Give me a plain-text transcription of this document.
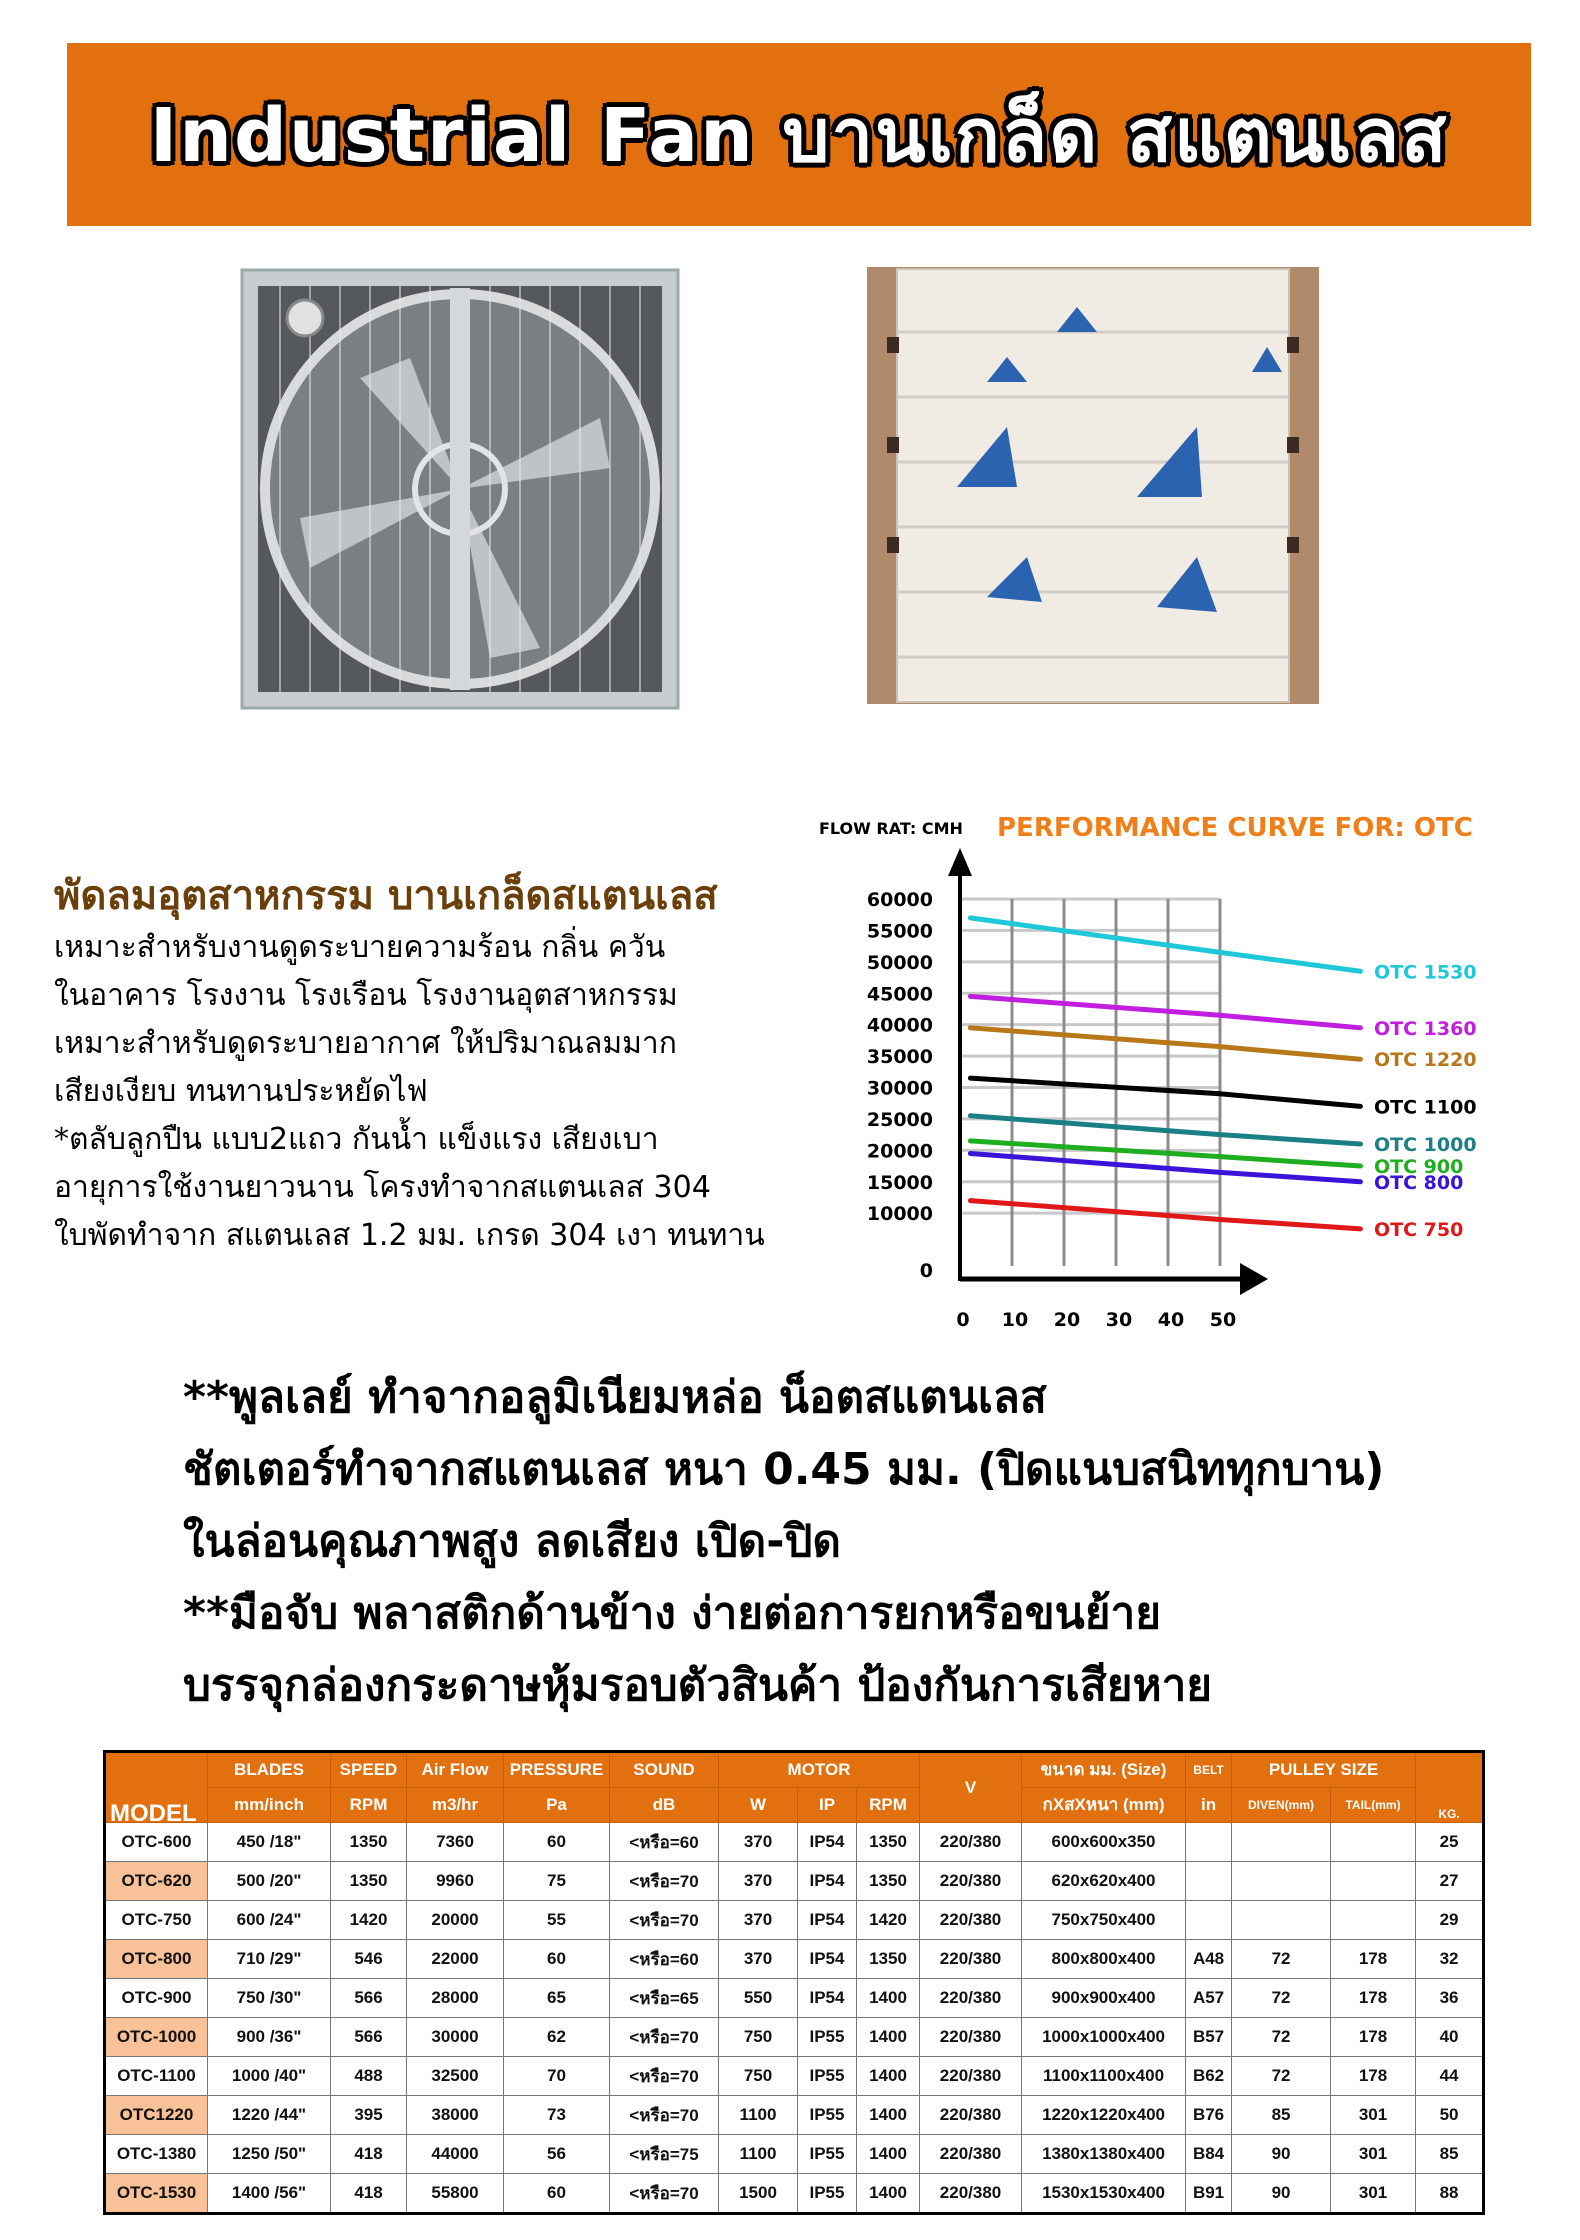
Industrial Fan บานเกล็ด สแตนเลส
พัดลมอุตสาหกรรม บานเกล็ดสแตนเลส
เหมาะสำหรับงานดูดระบายความร้อน กลิ่น ควัน
ในอาคาร โรงงาน โรงเรือน โรงงานอุตสาหกรรม
เหมาะสำหรับดูดระบายอากาศ ให้ปริมาณลมมาก
เสียงเงียบ ทนทานประหยัดไฟ
*ตลับลูกปืน แบบ2แถว กันน้ำ แข็งแรง เสียงเบา
อายุการใช้งานยาวนาน โครงทำจากสแตนเลส 304
ใบพัดทำจาก สแตนเลส 1.2 มม. เกรด 304 เงา ทนทาน
FLOW RAT: CMH PERFORMANCE CURVE FOR: OTC
60000
55000
50000
45000
40000
35000
30000
25000
20000
15000
10000
0
0 10 20 30 40 50
OTC 1530
OTC 1360
OTC 1220
OTC 1100
OTC 1000
OTC 900
OTC 800
OTC 750
**พูลเลย์ ทำจากอลูมิเนียมหล่อ น็อตสแตนเลส
ชัตเตอร์ทำจากสแตนเลส หนา 0.45 มม. (ปิดแนบสนิททุกบาน)
ในล่อนคุณภาพสูง ลดเสียง เปิด-ปิด
**มือจับ พลาสติกด้านข้าง ง่ายต่อการยกหรือขนย้าย
บรรจุกล่องกระดาษหุ้มรอบตัวสินค้า ป้องกันการเสียหาย
MODEL	BLADES	SPEED	Air Flow	PRESSURE	SOUND	MOTOR			V	ขนาด มม. (Size)	BELT	PULLEY SIZE		KG.
	mm/inch	RPM	m3/hr	Pa	dB	W	IP	RPM		กXสXหนา (mm)	in	DIVEN(mm)	TAIL(mm)	
OTC-600	450 /18"	1350	7360	60	<หรือ=60	370	IP54	1350	220/380	600x600x350				25
OTC-620	500 /20"	1350	9960	75	<หรือ=70	370	IP54	1350	220/380	620x620x400				27
OTC-750	600 /24"	1420	20000	55	<หรือ=70	370	IP54	1420	220/380	750x750x400				29
OTC-800	710 /29"	546	22000	60	<หรือ=60	370	IP54	1350	220/380	800x800x400	A48	72	178	32
OTC-900	750 /30"	566	28000	65	<หรือ=65	550	IP54	1400	220/380	900x900x400	A57	72	178	36
OTC-1000	900 /36"	566	30000	62	<หรือ=70	750	IP55	1400	220/380	1000x1000x400	B57	72	178	40
OTC-1100	1000 /40"	488	32500	70	<หรือ=70	750	IP55	1400	220/380	1100x1100x400	B62	72	178	44
OTC1220	1220 /44"	395	38000	73	<หรือ=70	1100	IP55	1400	220/380	1220x1220x400	B76	85	301	50
OTC-1380	1250 /50"	418	44000	56	<หรือ=75	1100	IP55	1400	220/380	1380x1380x400	B84	90	301	85
OTC-1530	1400 /56"	418	55800	60	<หรือ=70	1500	IP55	1400	220/380	1530x1530x400	B91	90	301	88
